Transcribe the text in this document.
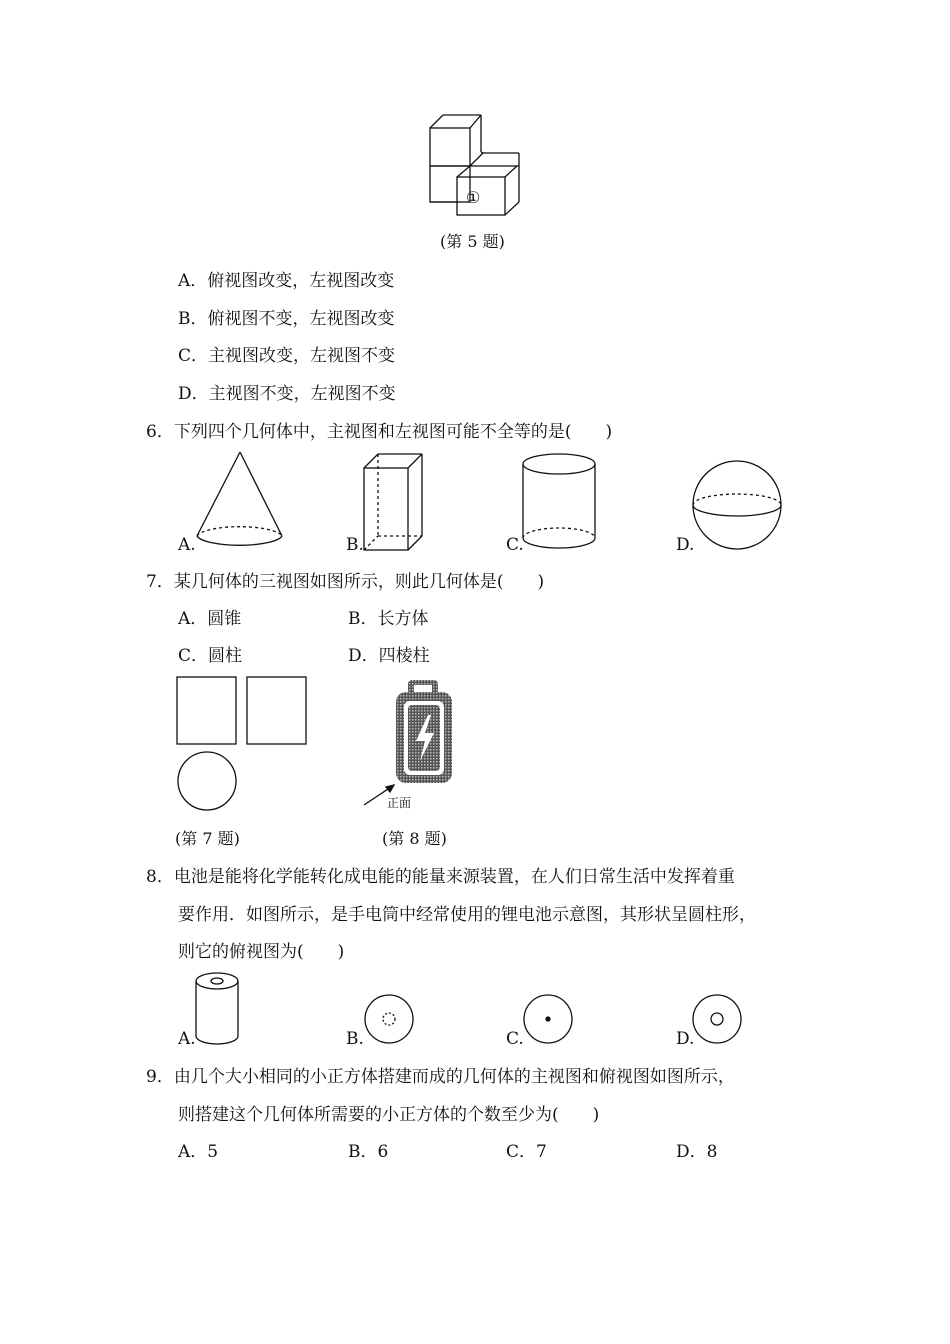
①
(第 5 题)
A．俯视图改变，左视图改变
B．俯视图不变，左视图改变
C．主视图改变，左视图不变
D．主视图不变，左视图不变
6．下列四个几何体中，主视图和左视图可能不全等的是(　　)
A.	B.	C.	D.
7．某几何体的三视图如图所示，则此几何体是(　　)
A．圆锥	B．长方体
C．圆柱	D．四棱柱
(第 7 题)
正面
(第 8 题)
8．电池是能将化学能转化成电能的能量来源装置，在人们日常生活中发挥着重
要作用．如图所示，是手电筒中经常使用的锂电池示意图，其形状呈圆柱形，
则它的俯视图为(　　)
A.	B.	C.	D.
9．由几个大小相同的小正方体搭建而成的几何体的主视图和俯视图如图所示，
则搭建这个几何体所需要的小正方体的个数至少为(　　)
A．5	B．6	C．7	D．8
